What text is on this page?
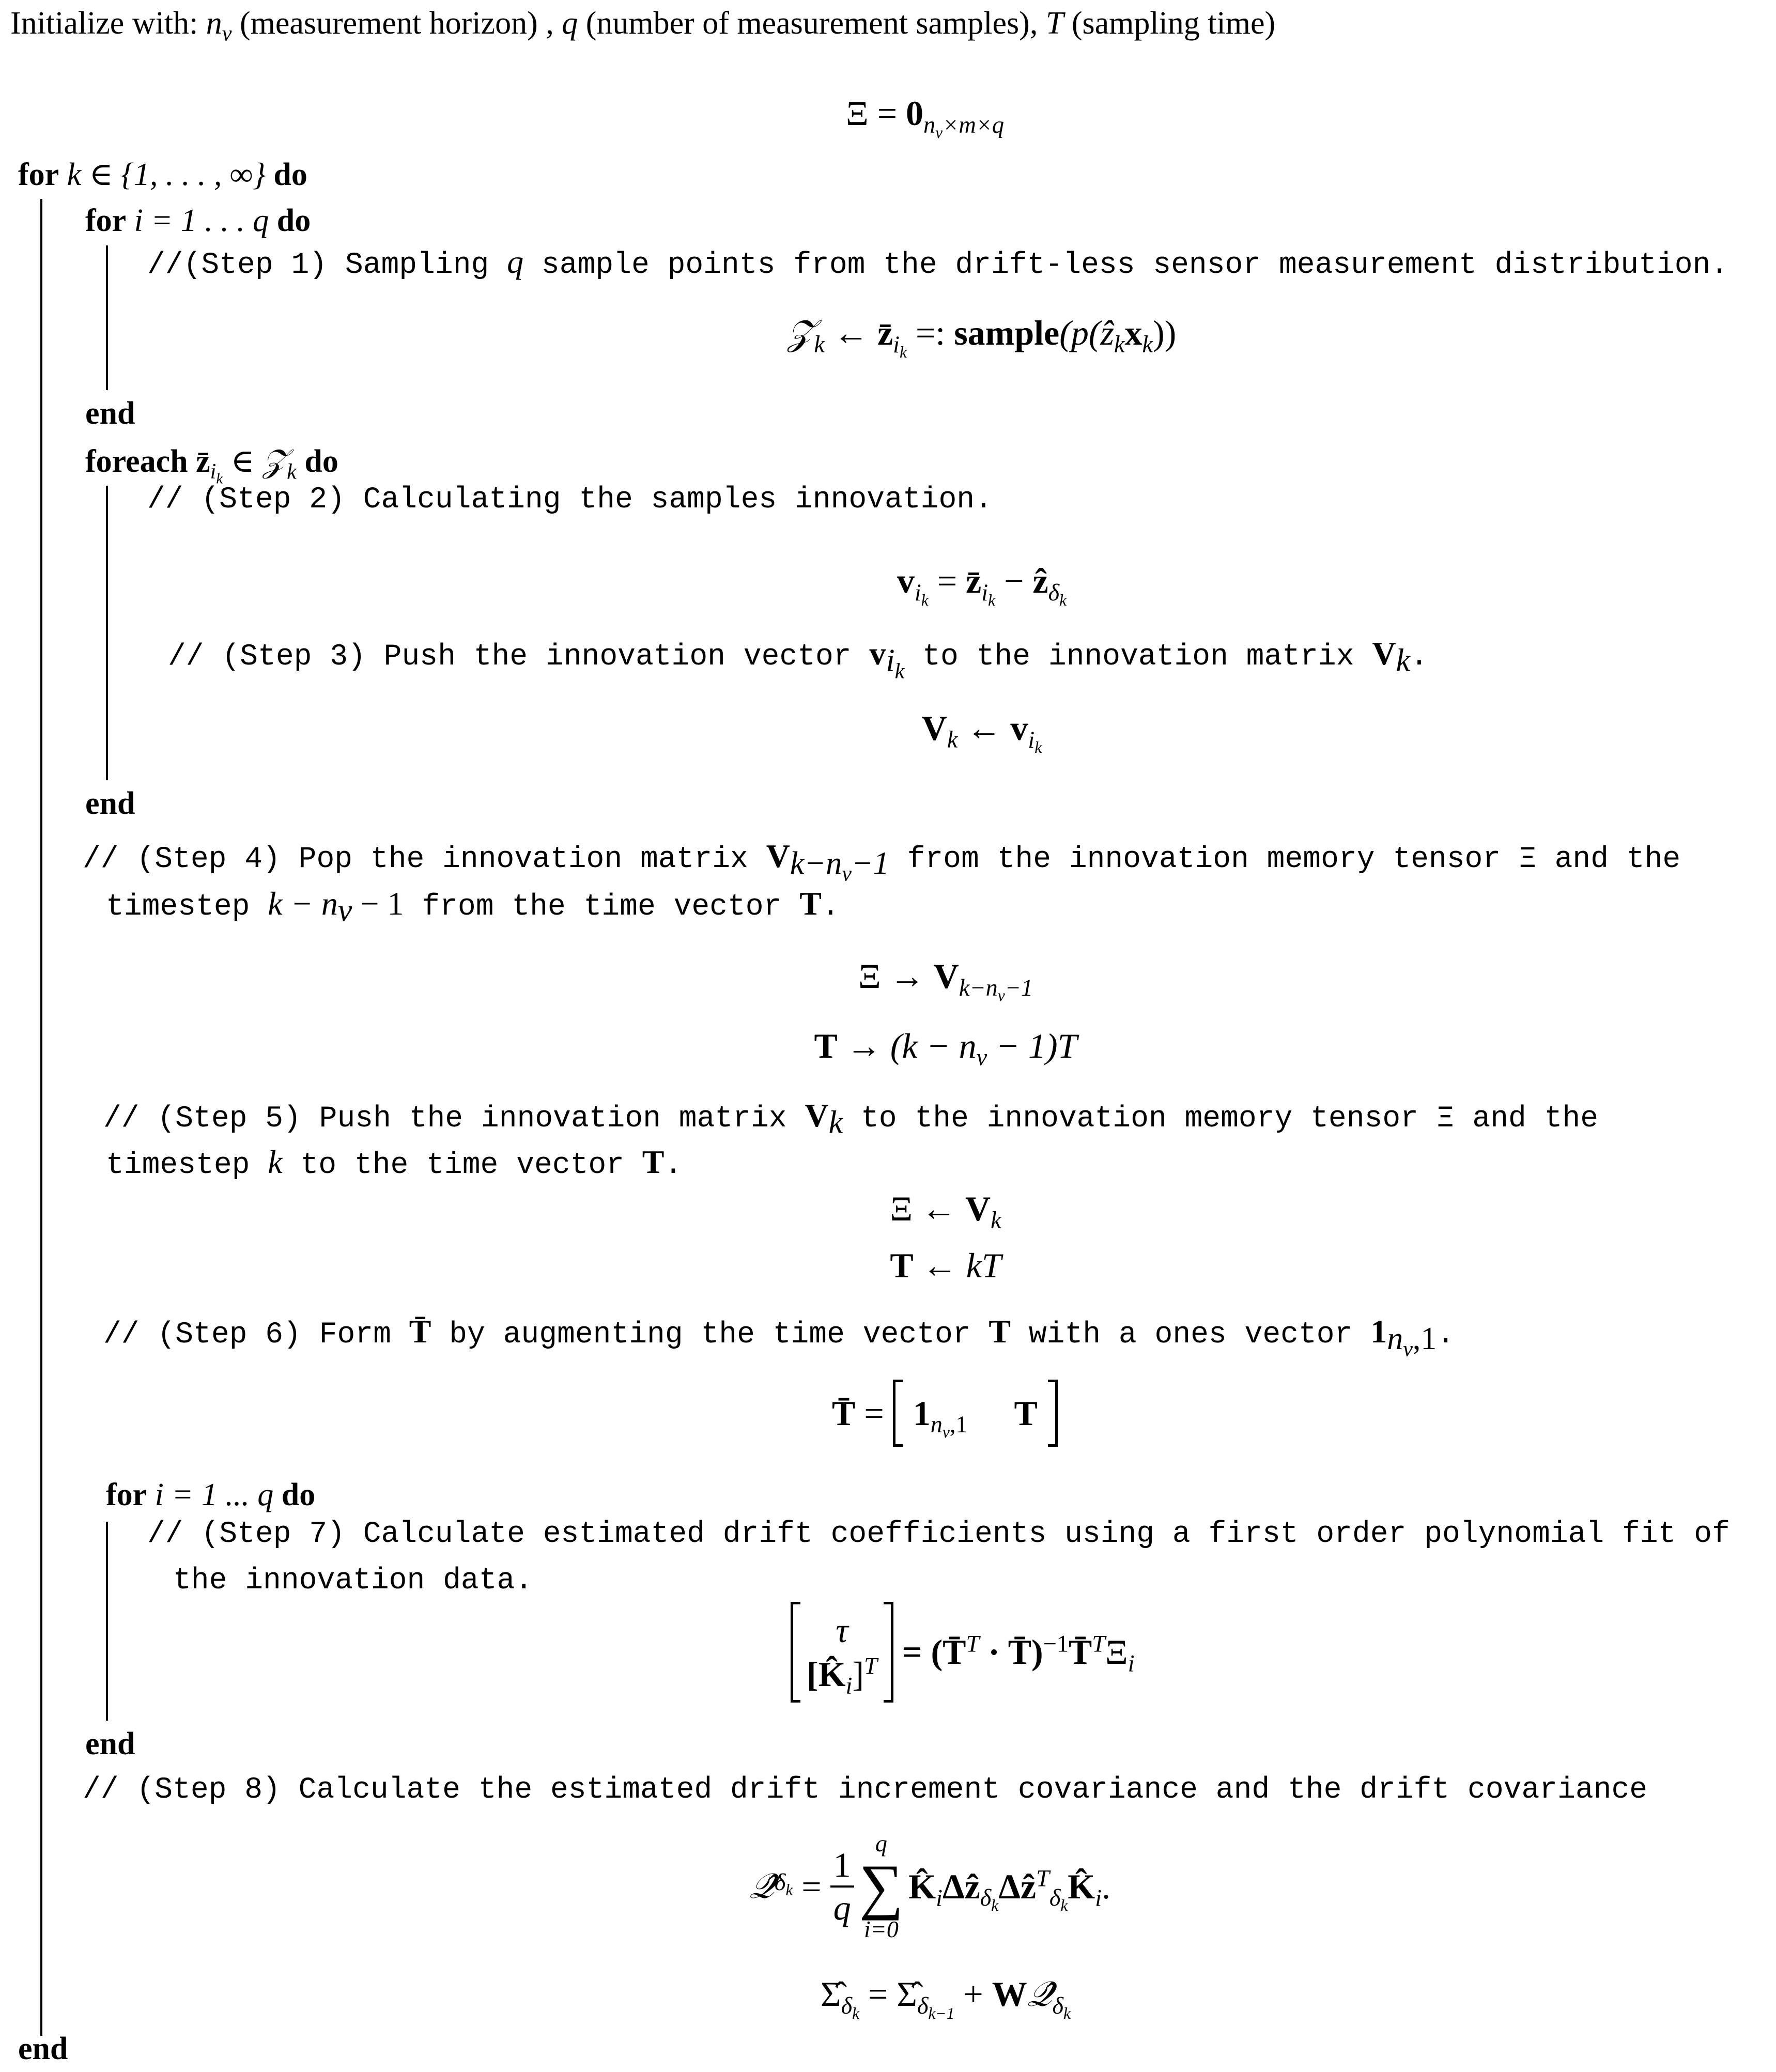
Initialize with: $n_v$ (measurement horizon) , q (number of measurement samples), T (sampling time)
$\Xi = 0_{n_v\times m\times q}$
for k ∈ {1, . . . , ∞} do
for i = 1 . . . q do
//(Step 1) Sampling q sample points from the drift-less sensor measurement distribution.
𝒵$_k$ ← $z̄_{i_k}$ =: $sample(p(ẑ_kx_k))$
end
foreach $z̄_{i_k}$ ∈ 𝒵$_k$ do
// (Step 2) Calculating the samples innovation.
$v_{i_k}$ = $z̄_{i_k}$ − ẑ$_{\delta_k}$
// (Step 3) Push the innovation vector $v_{i_k}$ to the innovation matrix $V_k$.
$V_k$ ← $v_{i_k}$
end
// (Step 4) Pop the innovation matrix $V_{k-n_v-1}$ from the innovation memory tensor Ξ and the
timestep $k - n_v - 1$ from the time vector T.
$\Xi \to V_{k-n_v-1}$
$T \to (k - n_v - 1)T$
// (Step 5) Push the innovation matrix $V_k$ to the innovation memory tensor Ξ and the
timestep k to the time vector T.
Ξ ← $V_k$
T ← kT
// (Step 6) Form T̄ by augmenting the time vector T with a ones vector $1_{n_v,1}$.
T̄ = $1_{n_v,1}$ T
for i = 1 ... q do
// (Step 7) Calculate estimated drift coefficients using a first order polynomial fit of
the innovation data.
τ
$[K̂_i]^T$ = (T̄$^T$ · $T̄)^{-1}T̄^T\Xi_i$
end
// (Step 8) Calculate the estimated drift increment covariance and the drift covariance
𝒬̂ $\delta_k = \frac{1}{q}$
q
∑
i=0
$K̂_i\Delta ẑ_{\delta_k}\Delta ẑ^T_{\delta_k}K̂_i$.
$\Sigmâ_{\delta_k}$ = $\Sigmâ_{\delta_{k-1}}$ + $W𝒬̂_{\delta_k}$
end
